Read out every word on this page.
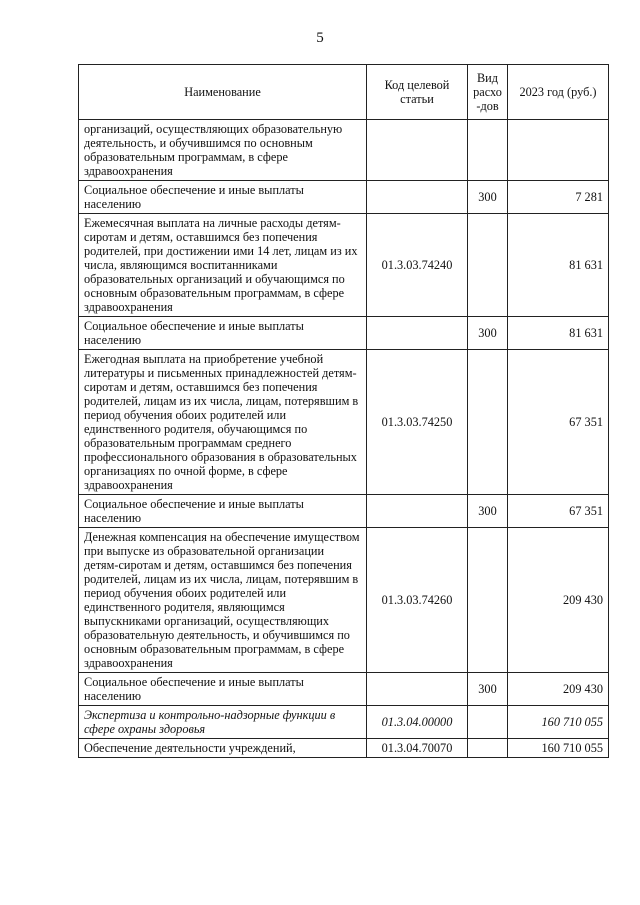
5
Наименование	Код целевой статьи	Вид расхо-дов	2023 год (руб.)
организаций, осуществляющих образовательную деятельность, и обучившимся по основным образовательным программам, в сфере здравоохранения			
Социальное обеспечение и иные выплаты населению		300	7 281
Ежемесячная выплата на личные расходы детям-сиротам и детям, оставшимся без попечения родителей, при достижении ими 14 лет, лицам из их числа, являющимся воспитанниками образовательных организаций и обучающимся по основным образовательным программам, в сфере здравоохранения	01.3.03.74240		81 631
Социальное обеспечение и иные выплаты населению		300	81 631
Ежегодная выплата на приобретение учебной литературы и письменных принадлежностей детям-сиротам и детям, оставшимся без попечения родителей, лицам из их числа, лицам, потерявшим в период обучения обоих родителей или единственного родителя, обучающимся по образовательным программам среднего профессионального образования в образовательных организациях по очной форме, в сфере здравоохранения	01.3.03.74250		67 351
Социальное обеспечение и иные выплаты населению		300	67 351
Денежная компенсация на обеспечение имуществом при выпуске из образовательной организации детям-сиротам и детям, оставшимся без попечения родителей, лицам из их числа, лицам, потерявшим в период обучения обоих родителей или единственного родителя, являющимся выпускниками организаций, осуществляющих образовательную деятельность, и обучившимся по основным образовательным программам, в сфере здравоохранения	01.3.03.74260		209 430
Социальное обеспечение и иные выплаты населению		300	209 430
Экспертиза и контрольно-надзорные функции в сфере охраны здоровья	01.3.04.00000		160 710 055
Обеспечение деятельности учреждений,	01.3.04.70070		160 710 055
